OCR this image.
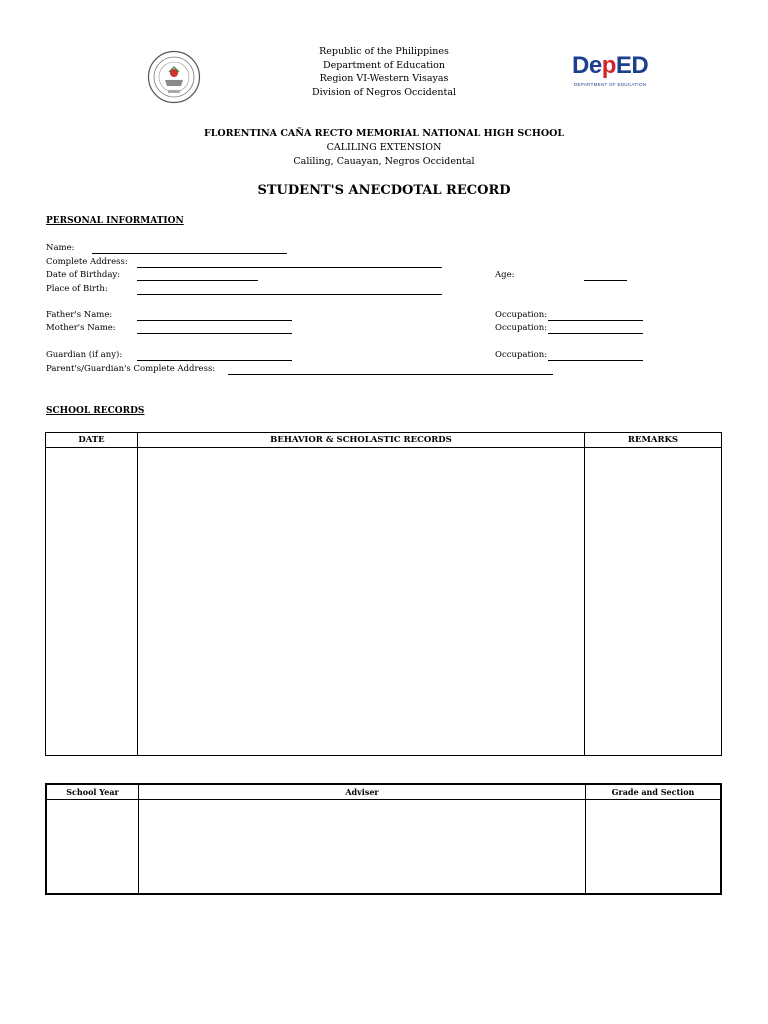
Republic of the Philippines
Department of Education
Region VI-Western Visayas
Division of Negros Occidental
DepED
DEPARTMENT OF EDUCATION
FLORENTINA CAÑA RECTO MEMORIAL NATIONAL HIGH SCHOOL
CALILING EXTENSION
Caliling, Cauayan, Negros Occidental
STUDENT'S ANECDOTAL RECORD
PERSONAL INFORMATION
Name:
Complete Address:
Date of Birthday:	Age:
Place of Birth:
Father's Name:	Occupation:
Mother's Name:	Occupation:
Guardian (if any):	Occupation:
Parent's/Guardian's Complete Address:
SCHOOL RECORDS
DATE	BEHAVIOR & SCHOLASTIC RECORDS	REMARKS

School Year	Adviser	Grade and Section
